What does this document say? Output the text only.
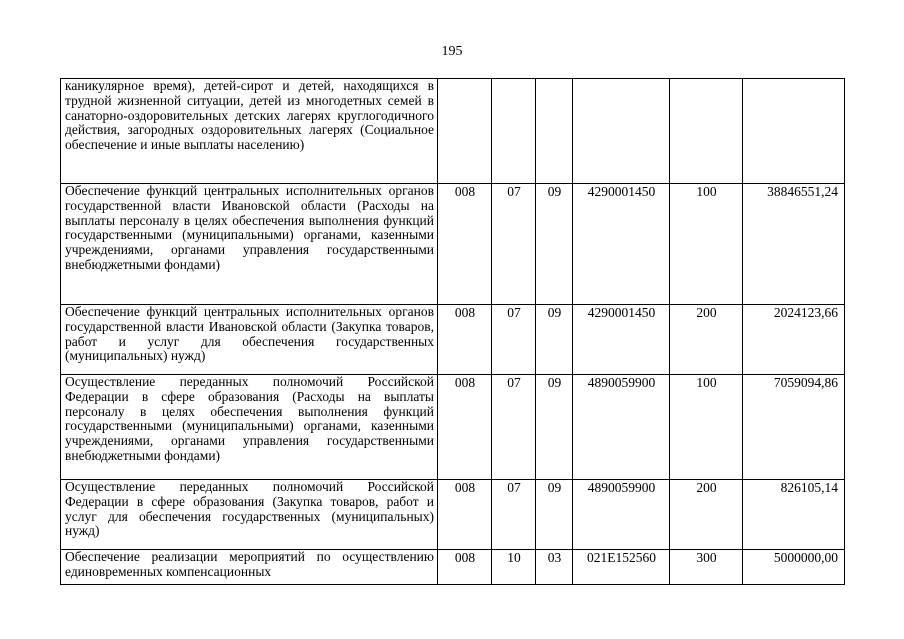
195
каникулярное время), детей-сирот и детей, находящихся в трудной жизненной ситуации, детей из многодетных семей в санаторно-оздоровительных детских лагерях круглогодичного действия, загородных оздоровительных лагерях (Социальное обеспечение и иные выплаты населению)						
Обеспечение функций центральных исполнительных органов государственной власти Ивановской области (Расходы на выплаты персоналу в целях обеспечения выполнения функций государственными (муниципальными) органами, казенными учреждениями, органами управления государственными внебюджетными фондами)	008	07	09	4290001450	100	38846551,24
Обеспечение функций центральных исполнительных органов государственной власти Ивановской области (Закупка товаров, работ и услуг для обеспечения государственных (муниципальных) нужд)	008	07	09	4290001450	200	2024123,66
Осуществление переданных полномочий Российской Федерации в сфере образования (Расходы на выплаты персоналу в целях обеспечения выполнения функций государственными (муниципальными) органами, казенными учреждениями, органами управления государственными внебюджетными фондами)	008	07	09	4890059900	100	7059094,86
Осуществление переданных полномочий Российской Федерации в сфере образования (Закупка товаров, работ и услуг для обеспечения государственных (муниципальных) нужд)	008	07	09	4890059900	200	826105,14
Обеспечение реализации мероприятий по осуществлению единовременных компенсационных	008	10	03	021E152560	300	5000000,00
